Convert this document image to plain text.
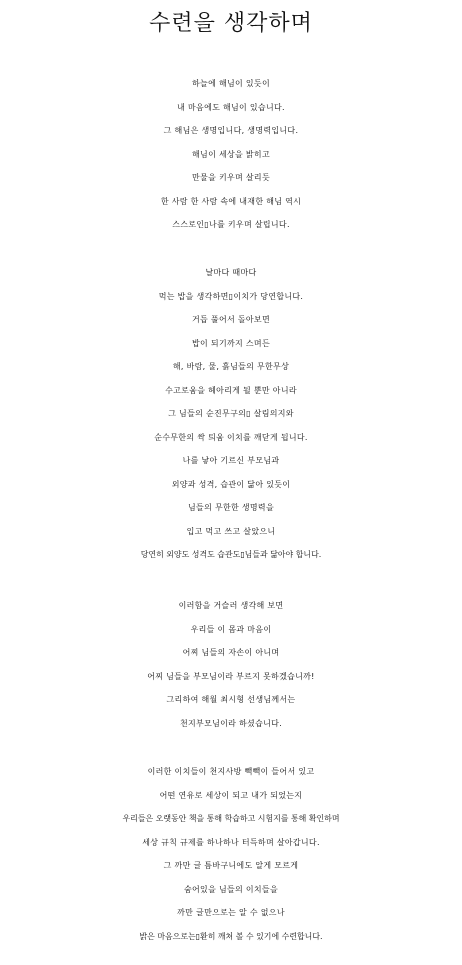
수련을 생각하며
하늘에 해님이 있듯이
내 마음에도 해님이 있습니다.
그 해님은 생명입니다, 생명력입니다.
해님이 세상을 밝히고
만물을 키우며 살리듯
한 사람 한 사람 속에 내재한 해님 역시
스스로인▯나를 키우며 살립니다.
날마다 때마다
먹는 밥을 생각하면▯이치가 당연합니다.
거듭 풀어서 돌아보면
밥이 되기까지 스며든
해, 바람, 물, 흙님들의 무한무상
수고로움을 헤아리게 될 뿐만 아니라
그 님들의 순진무구의▯ 살림의지와
순수무한의 싹 틔움 이치를 깨닫게 됩니다.
나를 낳아 기르신 부모님과
외양과 성격, 습관이 닮아 있듯이
님들의 무한한 생명력을
입고 먹고 쓰고 살았으니
당연히 외양도 성격도 습관도▯님들과 닮아야 합니다.
이러함을 거슬러 생각해 보면
우리들 이 몸과 마음이
어찌 님들의 자손이 아니며
어찌 님들을 부모님이라 부르지 못하겠습니까!
그리하여 해월 최시형 선생님께서는
천지부모님이라 하셨습니다.
이러한 이치들이 천지사방 빽빽이 들어서 있고
어떤 연유로 세상이 되고 내가 되었는지
우리들은 오랫동안 책을 통해 학습하고 시험지를 통해 확인하며
세상 규칙 규제를 하나하나 터득하며 살아갑니다.
그 까만 글 틈바구니에도 알게 모르게
숨어있을 님들의 이치들을
까만 글만으로는 알 수 없으나
밝은 마음으로는▯환히 깨쳐 볼 수 있기에 수련합니다.
